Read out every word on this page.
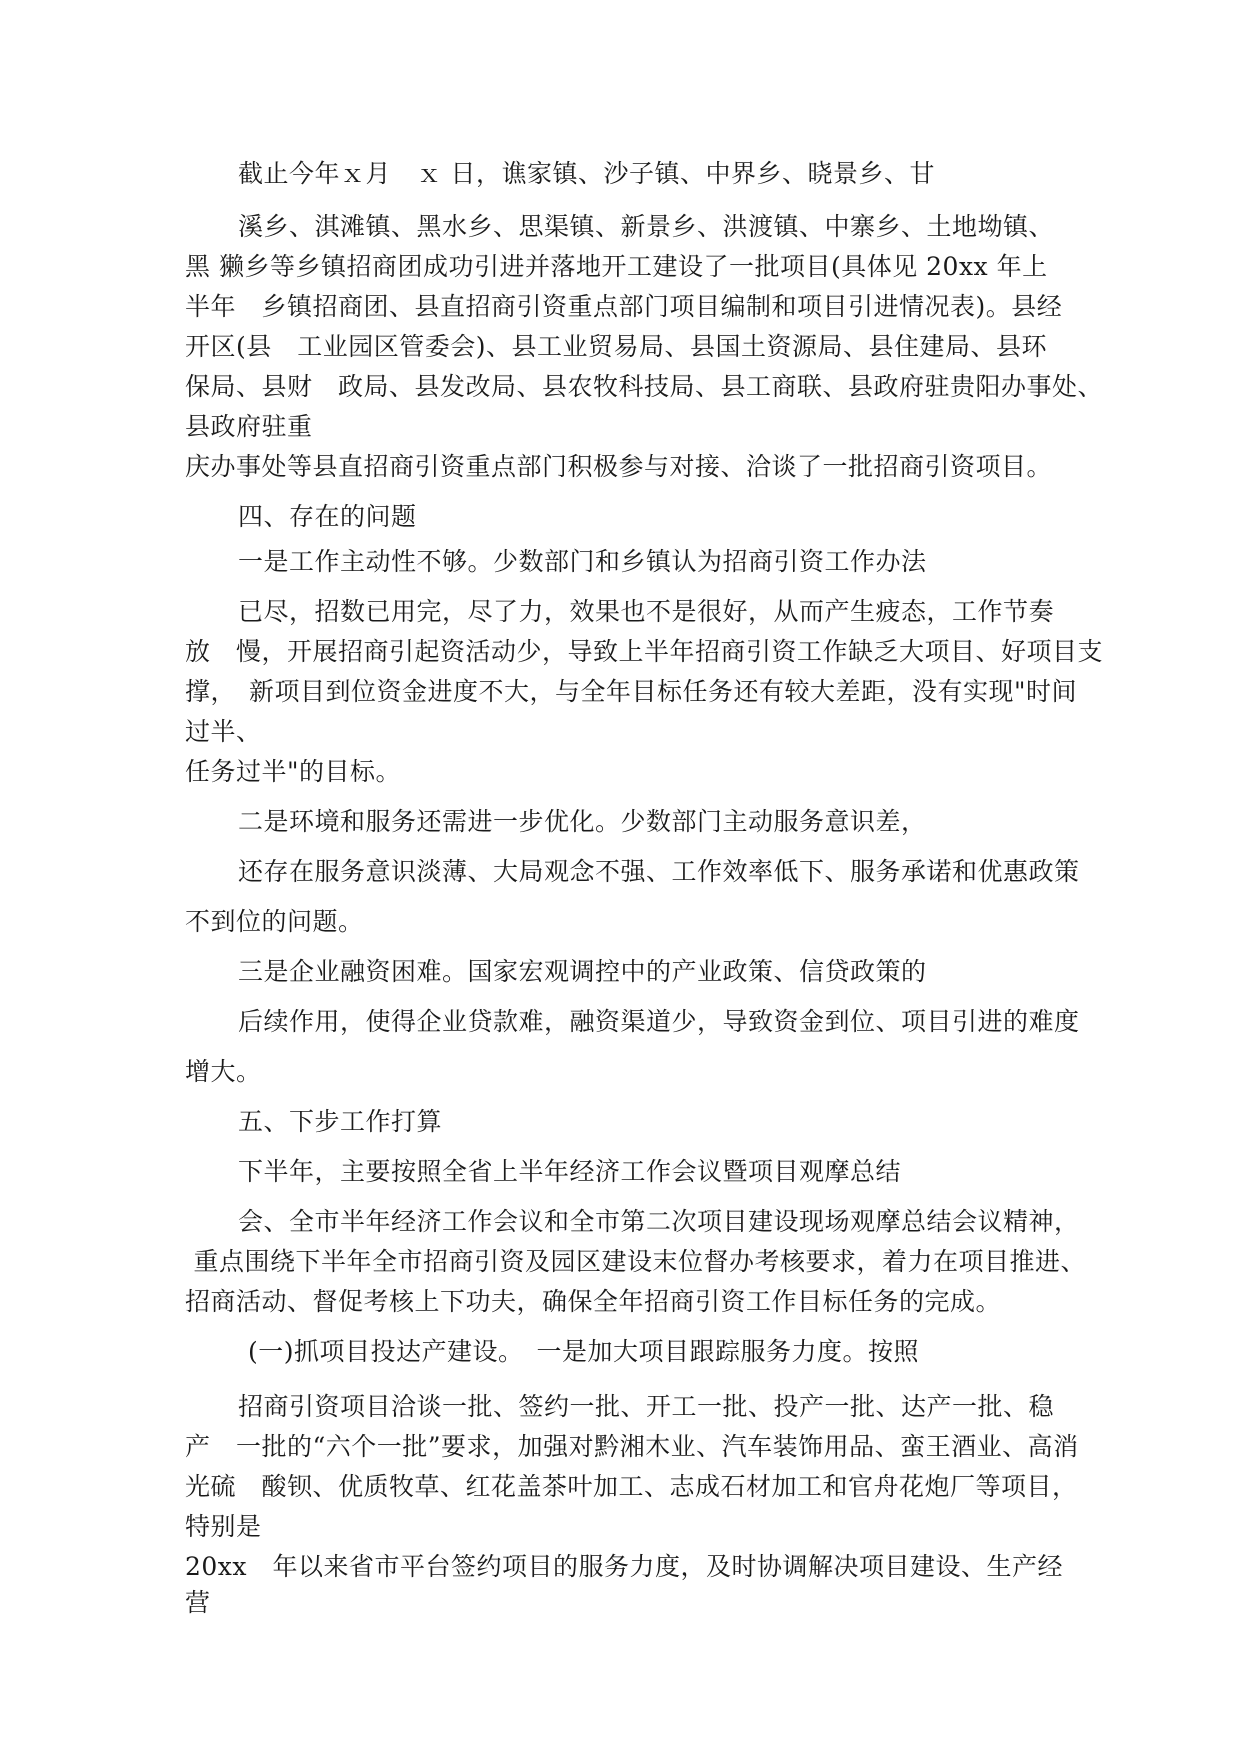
截止今年ｘ月　ｘ 日，谯家镇、沙子镇、中界乡、晓景乡、甘
溪乡、淇滩镇、黑水乡、思渠镇、新景乡、洪渡镇、中寨乡、土地坳镇、
黑 獭乡等乡镇招商团成功引进并落地开工建设了一批项目(具体见 20xx 年上
半年　乡镇招商团、县直招商引资重点部门项目编制和项目引进情况表)。县经
开区(县　工业园区管委会)、县工业贸易局、县国土资源局、县住建局、县环
保局、县财　政局、县发改局、县农牧科技局、县工商联、县政府驻贵阳办事处、
县政府驻重
庆办事处等县直招商引资重点部门积极参与对接、洽谈了一批招商引资项目。
四、存在的问题
一是工作主动性不够。少数部门和乡镇认为招商引资工作办法
已尽，招数已用完，尽了力，效果也不是很好，从而产生疲态，工作节奏
放　慢，开展招商引起资活动少，导致上半年招商引资工作缺乏大项目、好项目支
撑，　新项目到位资金进度不大，与全年目标任务还有较大差距，没有实现"时间
过半、
任务过半"的目标。
二是环境和服务还需进一步优化。少数部门主动服务意识差，
还存在服务意识淡薄、大局观念不强、工作效率低下、服务承诺和优惠政策
不到位的问题。
三是企业融资困难。国家宏观调控中的产业政策、信贷政策的
后续作用，使得企业贷款难，融资渠道少，导致资金到位、项目引进的难度
增大。
五、下步工作打算
下半年，主要按照全省上半年经济工作会议暨项目观摩总结
会、全市半年经济工作会议和全市第二次项目建设现场观摩总结会议精神，
重点围绕下半年全市招商引资及园区建设末位督办考核要求，着力在项目推进、
招商活动、督促考核上下功夫，确保全年招商引资工作目标任务的完成。
(一)抓项目投达产建设。　一是加大项目跟踪服务力度。按照
招商引资项目洽谈一批、签约一批、开工一批、投产一批、达产一批、稳
产　一批的“六个一批”要求，加强对黔湘木业、汽车装饰用品、蛮王酒业、高消
光硫　酸钡、优质牧草、红花盖茶叶加工、志成石材加工和官舟花炮厂等项目，
特别是
20xx　年以来省市平台签约项目的服务力度，及时协调解决项目建设、生产经
营
